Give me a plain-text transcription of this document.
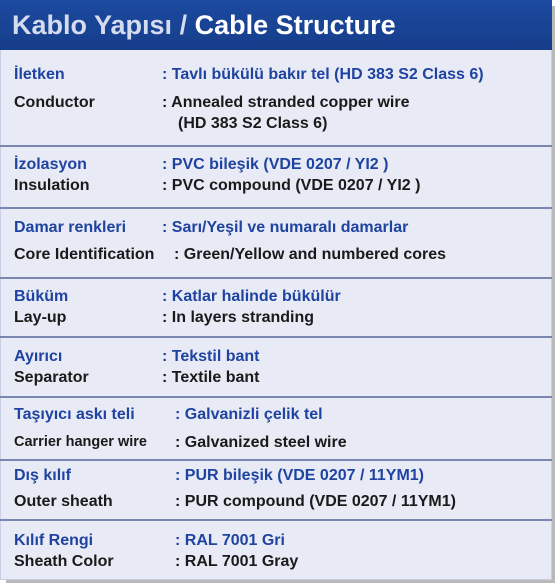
Kablo Yapısı / Cable Structure
İletken	: Tavlı bükülü bakır tel (HD 383 S2 Class 6)
Conductor	: Annealed stranded copper wire
(HD 383 S2 Class 6)
İzolasyon	: PVC bileşik (VDE 0207 / YI2 )
Insulation	: PVC compound (VDE 0207 / YI2 )
Damar renkleri : Sarı/Yeşil ve numaralı damarlar
Core Identification : Green/Yellow and numbered cores
Büküm	: Katlar halinde bükülür
Lay-up	: In layers stranding
Ayırıcı	: Tekstil bant
Separator	: Textile bant
Taşıyıcı askı teli	: Galvanizli çelik tel
Carrier hanger wire : Galvanized steel wire
Dış kılıf	: PUR bileşik (VDE 0207 / 11YM1)
Outer sheath	: PUR compound (VDE 0207 / 11YM1)
Kılıf Rengi	: RAL 7001 Gri
Sheath Color	: RAL 7001 Gray
